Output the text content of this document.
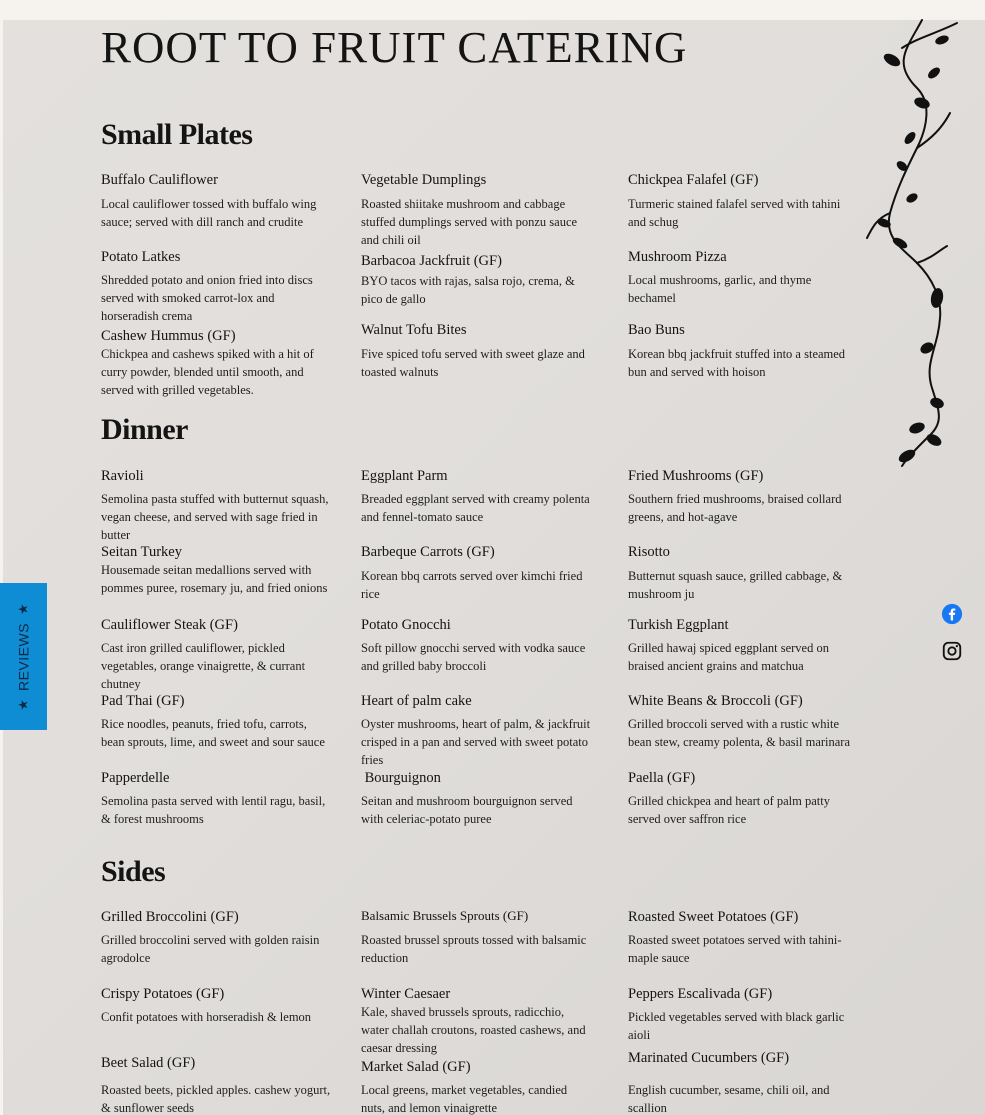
ROOT TO FRUIT CATERING
Small Plates
Buffalo Cauliflower
Local cauliflower tossed with buffalo wing sauce; served with dill ranch and crudite
Potato Latkes
Shredded potato and onion fried into discs served with smoked carrot-lox and horseradish crema
Cashew Hummus (GF)
Chickpea and cashews spiked with a hit of curry powder, blended until smooth, and served with grilled vegetables.
Vegetable Dumplings
Roasted shiitake mushroom and cabbage stuffed dumplings served with ponzu sauce and chili oil
Barbacoa Jackfruit (GF)
BYO tacos with rajas, salsa rojo, crema, & pico de gallo
Walnut Tofu Bites
Five spiced tofu served with sweet glaze and toasted walnuts
Chickpea Falafel (GF)
Turmeric stained falafel served with tahini and schug
Mushroom Pizza
Local mushrooms, garlic, and thyme bechamel
Bao Buns
Korean bbq jackfruit stuffed into a steamed bun and served with hoison
Dinner
Ravioli
Semolina pasta stuffed with butternut squash, vegan cheese, and served with sage fried in butter
Seitan Turkey
Housemade seitan medallions served with pommes puree, rosemary ju, and fried onions
Cauliflower Steak (GF)
Cast iron grilled cauliflower, pickled vegetables, orange vinaigrette, & currant chutney
Pad Thai (GF)
Rice noodles, peanuts, fried tofu, carrots, bean sprouts, lime, and sweet and sour sauce
Papperdelle
Semolina pasta served with lentil ragu, basil, & forest mushrooms
Eggplant Parm
Breaded eggplant served with creamy polenta and fennel-tomato sauce
Barbeque Carrots (GF)
Korean bbq carrots served over kimchi fried rice
Potato Gnocchi
Soft pillow gnocchi served with vodka sauce and grilled baby broccoli
Heart of palm cake
Oyster mushrooms, heart of palm, & jackfruit crisped in a pan and served with sweet potato fries
Bourguignon
Seitan and mushroom bourguignon served with celeriac-potato puree
Fried Mushrooms (GF)
Southern fried mushrooms, braised collard greens, and hot-agave
Risotto
Butternut squash sauce, grilled cabbage, & mushroom ju
Turkish Eggplant
Grilled hawaj spiced eggplant served on braised ancient grains and matchua
White Beans & Broccoli (GF)
Grilled broccoli served with a rustic white bean stew, creamy polenta, & basil marinara
Paella (GF)
Grilled chickpea and heart of palm patty served over saffron rice
Sides
Grilled Broccolini (GF)
Grilled broccolini served with golden raisin agrodolce
Crispy Potatoes (GF)
Confit potatoes with horseradish & lemon
Beet Salad (GF)
Roasted beets, pickled apples. cashew yogurt, & sunflower seeds
Balsamic Brussels Sprouts (GF)
Roasted brussel sprouts tossed with balsamic reduction
Winter Caesaer
Kale, shaved brussels sprouts, radicchio, water challah croutons, roasted cashews, and caesar dressing
Market Salad (GF)
Local greens, market vegetables, candied nuts, and lemon vinaigrette
Roasted Sweet Potatoes (GF)
Roasted sweet potatoes served with tahini-maple sauce
Peppers Escalivada (GF)
Pickled vegetables served with black garlic aioli
Marinated Cucumbers (GF)
English cucumber, sesame, chili oil, and scallion
★
REVIEWS
★
